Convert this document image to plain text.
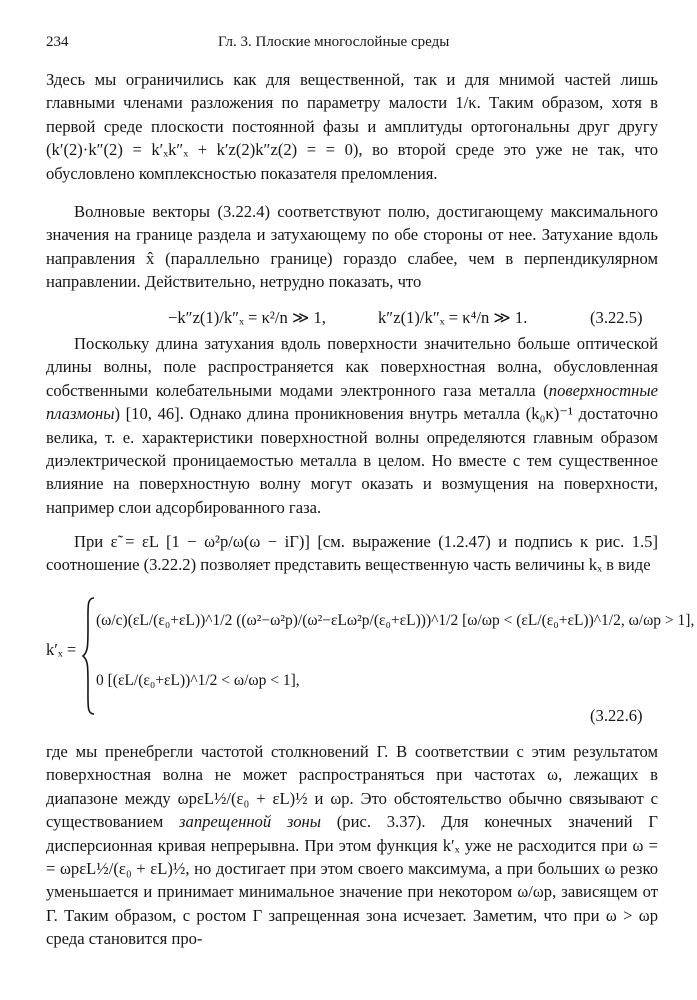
234	Гл. 3. Плоские многослойные среды

Здесь мы ограничились как для вещественной, так и для мнимой частей лишь главными членами разложения по параметру малости 1/κ. Таким образом, хотя в первой среде плоскости постоянной фазы и амплитуды ортогональны друг другу (k′(2)·k″(2) = k′ₓk″ₓ + k′z(2)k″z(2) = = 0), во второй среде это уже не так, что обусловлено комплексностью показателя преломления.

Волновые векторы (3.22.4) соответствуют полю, достигающему максимального значения на границе раздела и затухающему по обе стороны от нее. Затухание вдоль направления x̂ (параллельно границе) гораздо слабее, чем в перпендикулярном направлении. Действительно, нетрудно показать, что

−k″z(1)/k″ₓ = κ²/n ≫ 1,	k″z(1)/k″ₓ = κ⁴/n ≫ 1.	(3.22.5)

Поскольку длина затухания вдоль поверхности значительно больше оптической длины волны, поле распространяется как поверхностная волна, обусловленная собственными колебательными модами электронного газа металла (поверхностные плазмоны) [10, 46]. Однако длина проникновения внутрь металла (k₀κ)⁻¹ достаточно велика, т. е. характеристики поверхностной волны определяются главным образом диэлектрической проницаемостью металла в целом. Но вместе с тем существенное влияние на поверхностную волну могут оказать и возмущения на поверхности, например слои адсорбированного газа.

При ε̃ = εL [1 − ω²p/ω(ω − iΓ)] [см. выражение (1.2.47) и подпись к рис. 1.5] соотношение (3.22.2) позволяет представить вещественную часть величины kₓ в виде

k′ₓ =
(ω/c)(εL/(ε₀+εL))^1/2 ((ω²−ω²p)/(ω²−εLω²p/(ε₀+εL)))^1/2 [ω/ωp < (εL/(ε₀+εL))^1/2, ω/ωp > 1],
0 [(εL/(ε₀+εL))^1/2 < ω/ωp < 1],
(3.22.6)

где мы пренебрегли частотой столкновений Γ. В соответствии с этим результатом поверхностная волна не может распространяться при частотах ω, лежащих в диапазоне между ωpεL½/(ε₀ + εL)½ и ωp. Это обстоятельство обычно связывают с существованием запрещенной зоны (рис. 3.37). Для конечных значений Γ дисперсионная кривая непрерывна. При этом функция k′ₓ уже не расходится при ω = = ωpεL½/(ε₀ + εL)½, но достигает при этом своего максимума, а при больших ω резко уменьшается и принимает минимальное значение при некотором ω/ωp, зависящем от Γ. Таким образом, с ростом Γ запрещенная зона исчезает. Заметим, что при ω > ωp среда становится про-
